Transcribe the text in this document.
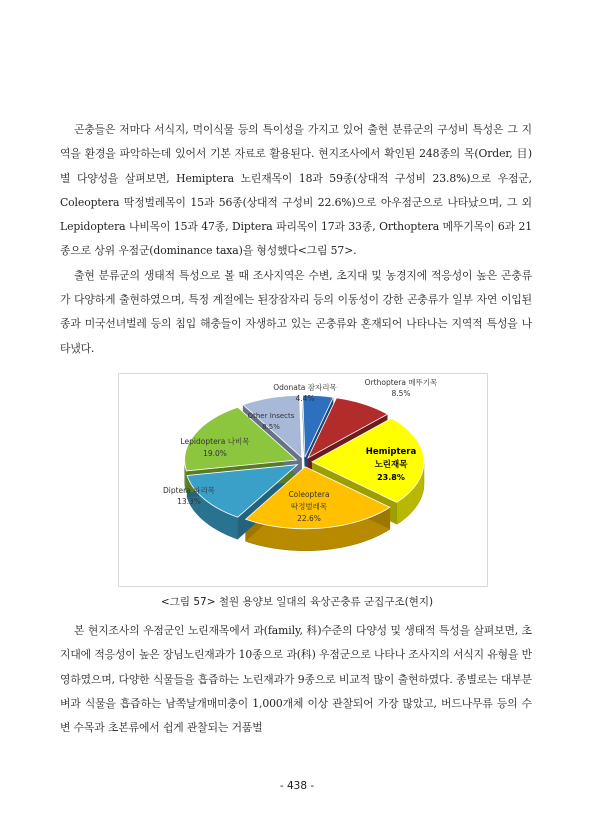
곤충들은 저마다 서식지, 먹이식물 등의 특이성을 가지고 있어 출현 분류군의 구성비 특성은 그 지역을 환경을 파악하는데 있어서 기본 자료로 활용된다. 현지조사에서 확인된 248종의 목(Order, 目)별 다양성을 살펴보면, Hemiptera 노린재목이 18과 59종(상대적 구성비 23.8%)으로 우점군, Coleoptera 딱정벌레목이 15과 56종(상대적 구성비 22.6%)으로 아우점군으로 나타났으며, 그 외 Lepidoptera 나비목이 15과 47종, Diptera 파리목이 17과 33종, Orthoptera 메뚜기목이 6과 21종으로 상위 우점군(dominance taxa)을 형성했다<그림 57>.

출현 분류군의 생태적 특성으로 볼 때 조사지역은 수변, 초지대 및 농경지에 적응성이 높은 곤충류가 다양하게 출현하였으며, 특정 계절에는 된장잠자리 등의 이동성이 강한 곤충류가 일부 자연 이입된 종과 미국선녀벌레 등의 침입 해충들이 자생하고 있는 곤충류와 혼재되어 나타나는 지역적 특성을 나타냈다.

Odonata 잠자리목
4.4%
Orthoptera 메뚜기목
8.5%
Hemiptera
노린재목
23.8%
Coleoptera
딱정벌레목
22.6%
Diptera 파리목
13.3%
Lepidoptera 나비목
19.0%
Other Insects
8.5%
<그림 57> 철원 용양보 일대의 육상곤충류 군집구조(현지)

본 현지조사의 우점군인 노린재목에서 과(family, 科)수준의 다양성 및 생태적 특성을 살펴보면, 초지대에 적응성이 높은 장님노린재과가 10종으로 과(科) 우점군으로 나타나 조사지의 서식지 유형을 반영하였으며, 다양한 식물들을 흡즙하는 노린재과가 9종으로 비교적 많이 출현하였다. 종별로는 대부분 벼과 식물을 흡즙하는 남쪽날개매미충이 1,000개체 이상 관찰되어 가장 많았고, 버드나무류 등의 수변 수목과 초본류에서 쉽게 관찰되는 거품벌

- 438 -
